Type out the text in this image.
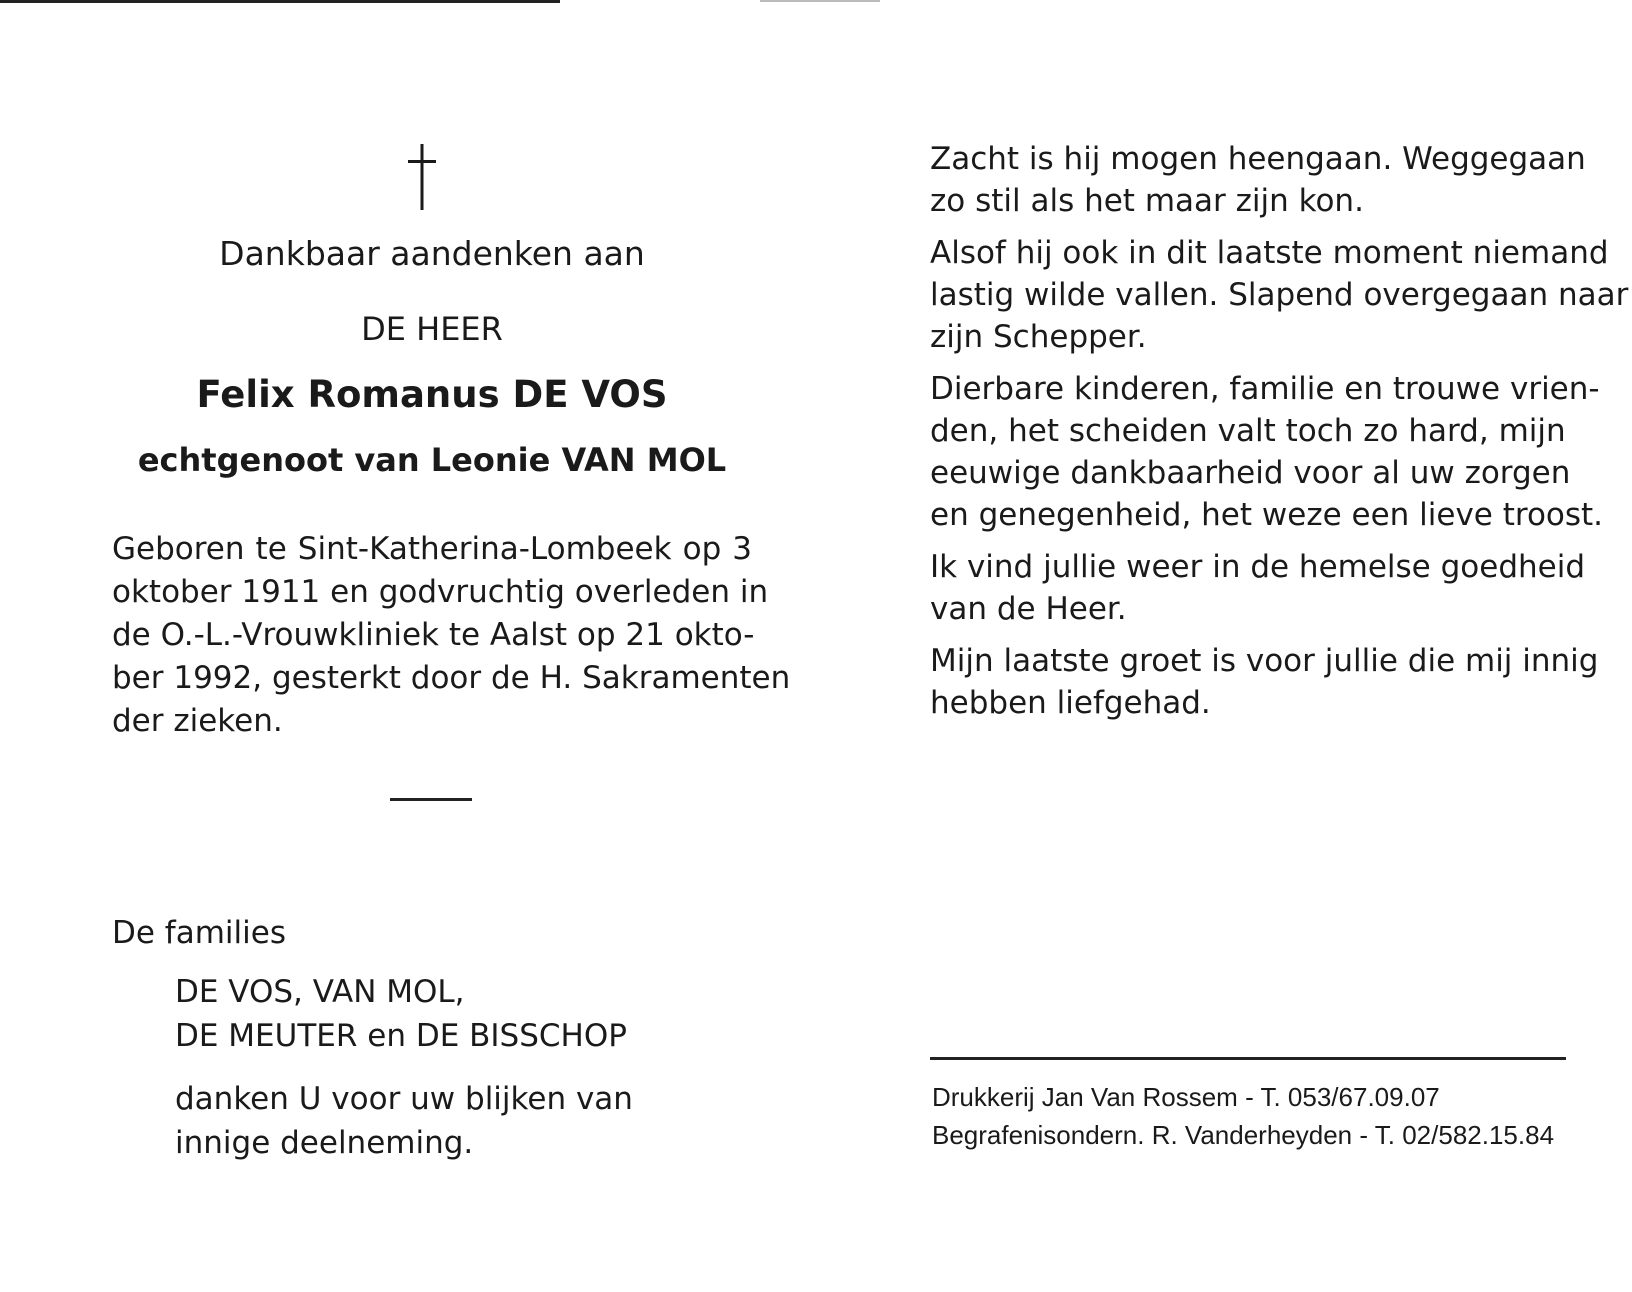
Dankbaar aandenken aan
DE HEER
Felix Romanus DE VOS
echtgenoot van Leonie VAN MOL
Geboren te Sint-Katherina-Lombeek op 3
oktober 1911 en godvruchtig overleden in
de O.-L.-Vrouwkliniek te Aalst op 21 okto-
ber 1992, gesterkt door de H. Sakramenten
der zieken.
De families
DE VOS, VAN MOL,
DE MEUTER en DE BISSCHOP
danken U voor uw blijken van
innige deelneming.
Zacht is hij mogen heengaan. Weggegaan
zo stil als het maar zijn kon.
Alsof hij ook in dit laatste moment niemand
lastig wilde vallen. Slapend overgegaan naar
zijn Schepper.
Dierbare kinderen, familie en trouwe vrien-
den, het scheiden valt toch zo hard, mijn
eeuwige dankbaarheid voor al uw zorgen
en genegenheid, het weze een lieve troost.
Ik vind jullie weer in de hemelse goedheid
van de Heer.
Mijn laatste groet is voor jullie die mij innig
hebben liefgehad.
Drukkerij Jan Van Rossem - T. 053/67.09.07
Begrafenisondern. R. Vanderheyden - T. 02/582.15.84
